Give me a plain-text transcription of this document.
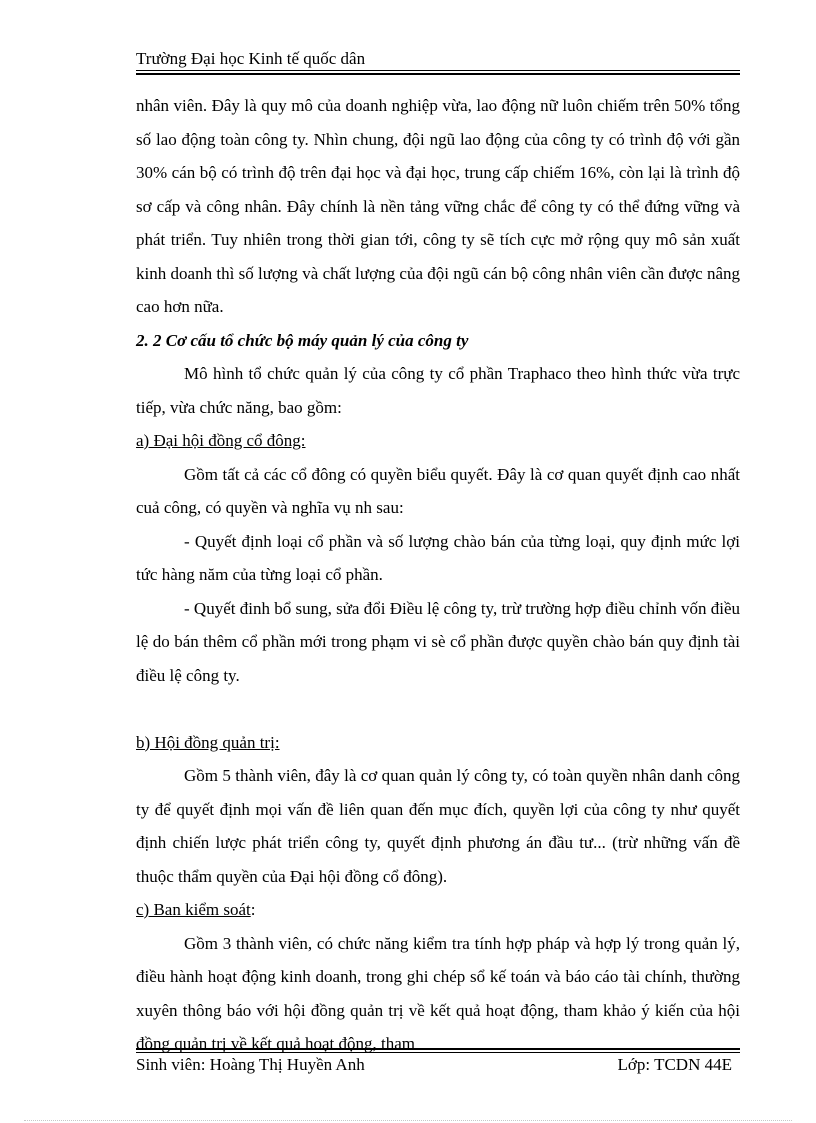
Trường Đại học Kinh tế quốc dân

nhân viên. Đây là quy mô của doanh nghiệp vừa, lao động nữ luôn chiếm trên 50% tổng số lao động toàn công ty. Nhìn chung, đội ngũ lao động của công ty có trình độ với gần 30% cán bộ có trình độ trên đại học và đại học, trung cấp chiếm 16%, còn lại là trình độ sơ cấp và công nhân. Đây chính là nền tảng vững chắc để công ty có thể đứng vững và phát triển. Tuy nhiên trong thời gian tới, công ty sẽ tích cực mở rộng quy mô sản xuất kinh doanh thì số lượng và chất lượng của đội ngũ cán bộ công nhân viên cần được nâng cao hơn nữa.

2. 2 Cơ cấu tổ chức bộ máy quản lý của công ty

Mô hình tổ chức quản lý của công ty cổ phần Traphaco theo hình thức vừa trực tiếp, vừa chức năng, bao gồm:

a) Đại hội đồng cổ đông:

Gồm tất cả các cổ đông có quyền biểu quyết. Đây là cơ quan quyết định cao nhất cuả công, có quyền và nghĩa vụ nh sau:

- Quyết định loại cổ phần và số lượng chào bán của từng loại, quy định mức lợi tức hàng năm của từng loại cổ phần.

- Quyết đinh bổ sung, sửa đổi Điều lệ công ty, trừ trường hợp điều chỉnh vốn điều lệ do bán thêm cổ phần mới trong phạm vi sè cổ phần được quyền chào bán quy định tài điều lệ công ty.

b) Hội đồng quản trị:

Gồm 5 thành viên, đây là cơ quan quản lý công ty, có toàn quyền nhân danh công ty để quyết định mọi vấn đề liên quan đến mục đích, quyền lợi của công ty như quyết định chiến lược phát triển công ty, quyết định phương án đầu tư... (trừ những vấn đề thuộc thẩm quyền của Đại hội đồng cổ đông).

c) Ban kiểm soát:

Gồm 3 thành viên, có chức năng kiểm tra tính hợp pháp và hợp lý trong quản lý, điều hành hoạt động kinh doanh, trong ghi chép sổ kế toán và báo cáo tài chính, thường xuyên thông báo với hội đồng quản trị về kết quả hoạt động, tham khảo ý kiến của hội đồng quản trị về kết quả hoạt động, tham

Sinh viên: Hoàng Thị Huyền Anh	Lớp: TCDN 44E
